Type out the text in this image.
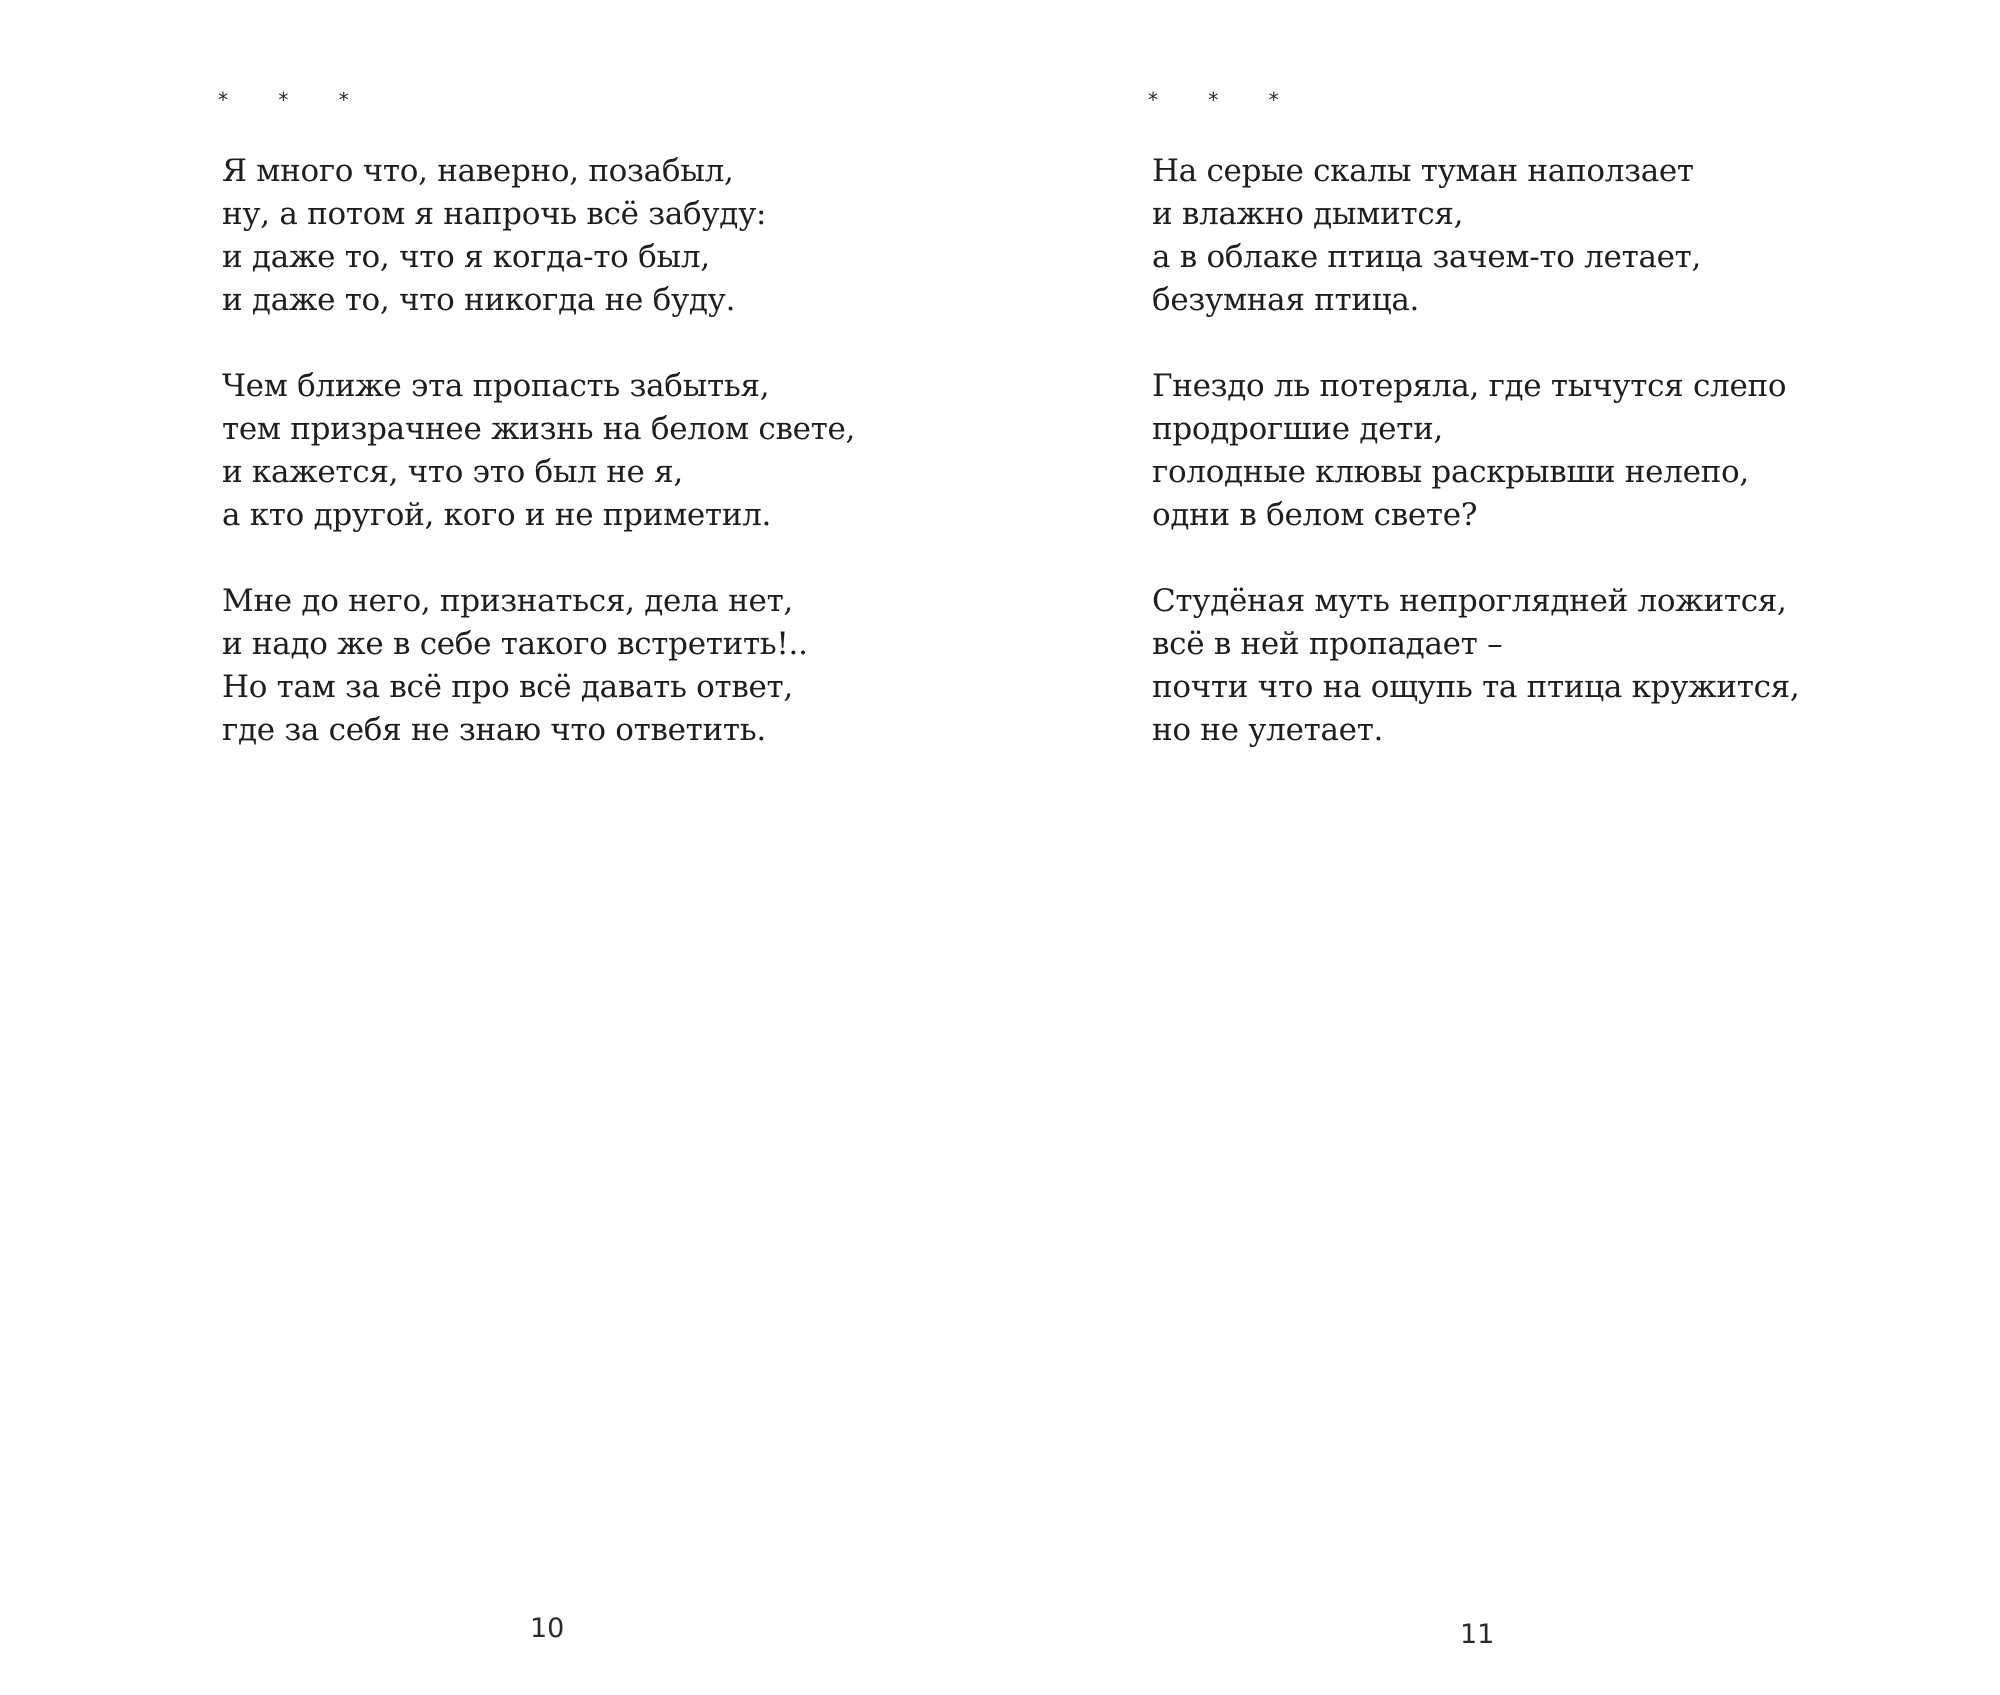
* * *
Я много что, наверно, позабыл,
ну, а потом я напрочь всё забуду:
и даже то, что я когда-то был,
и даже то, что никогда не буду.
Чем ближе эта пропасть забытья,
тем призрачнее жизнь на белом свете,
и кажется, что это был не я,
а кто другой, кого и не приметил.
Мне до него, признаться, дела нет,
и надо же в себе такого встретить!..
Но там за всё про всё давать ответ,
где за себя не знаю что ответить.
10
* * *
На серые скалы туман наползает
и влажно дымится,
а в облаке птица зачем-то летает,
безумная птица.
Гнездо ль потеряла, где тычутся слепо
продрогшие дети,
голодные клювы раскрывши нелепо,
одни в белом свете?
Студёная муть непроглядней ложится,
всё в ней пропадает –
почти что на ощупь та птица кружится,
но не улетает.
11
